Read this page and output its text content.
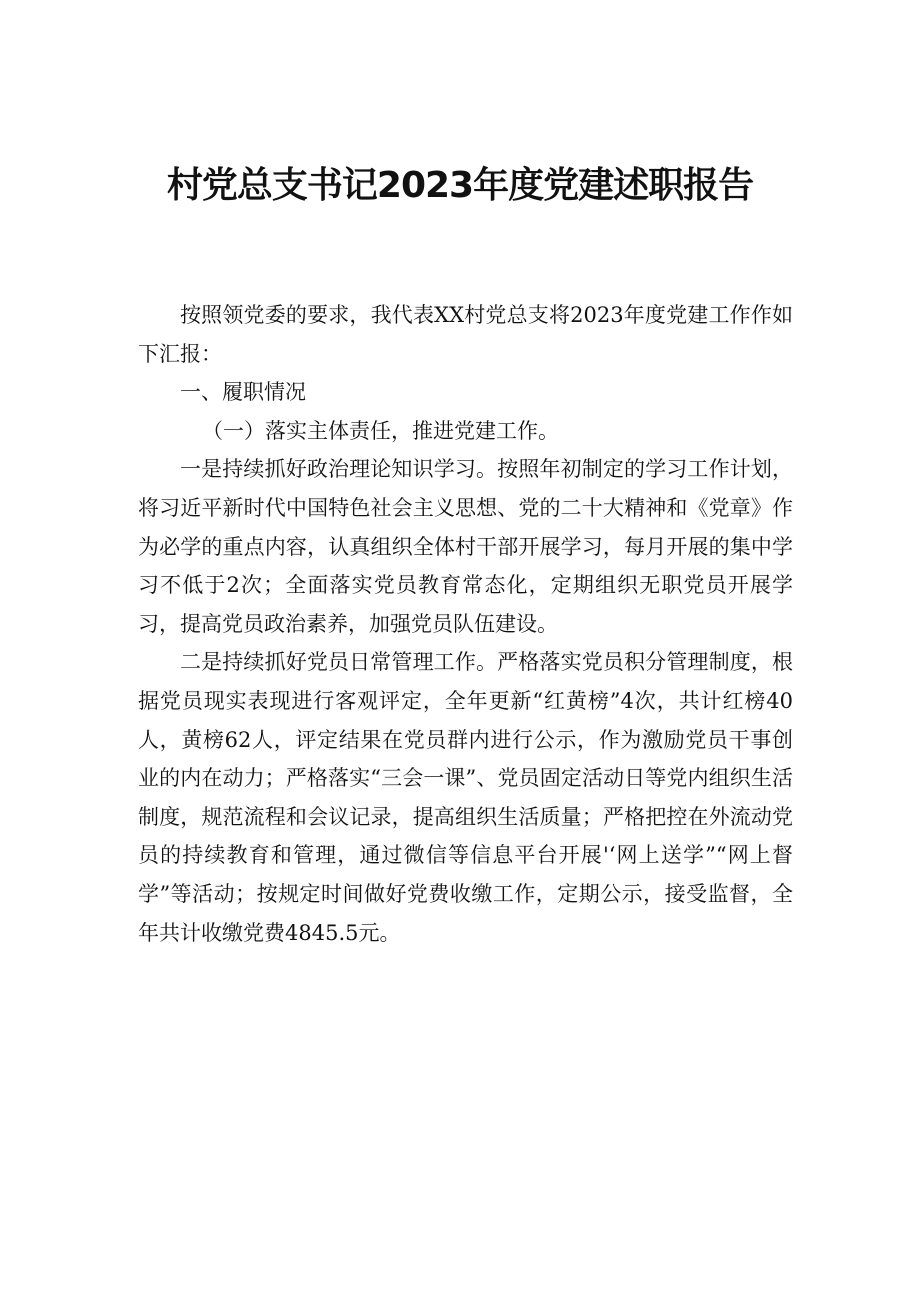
村党总支书记2023年度党建述职报告

按照领党委的要求，我代表XX村党总支将2023年度党建工作作如下汇报：

一、履职情况

（一）落实主体责任，推进党建工作。

一是持续抓好政治理论知识学习。按照年初制定的学习工作计划，将习近平新时代中国特色社会主义思想、党的二十大精神和《党章》作为必学的重点内容，认真组织全体村干部开展学习，每月开展的集中学习不低于2次；全面落实党员教育常态化，定期组织无职党员开展学习，提高党员政治素养，加强党员队伍建设。

二是持续抓好党员日常管理工作。严格落实党员积分管理制度，根据党员现实表现进行客观评定，全年更新“红黄榜”4次，共计红榜40人，黄榜62人，评定结果在党员群内进行公示，作为激励党员干事创业的内在动力；严格落实“三会一课”、党员固定活动日等党内组织生活制度，规范流程和会议记录，提高组织生活质量；严格把控在外流动党员的持续教育和管理，通过微信等信息平台开展'‘网上送学”“网上督学”等活动；按规定时间做好党费收缴工作，定期公示，接受监督，全年共计收缴党费4845.5元。
